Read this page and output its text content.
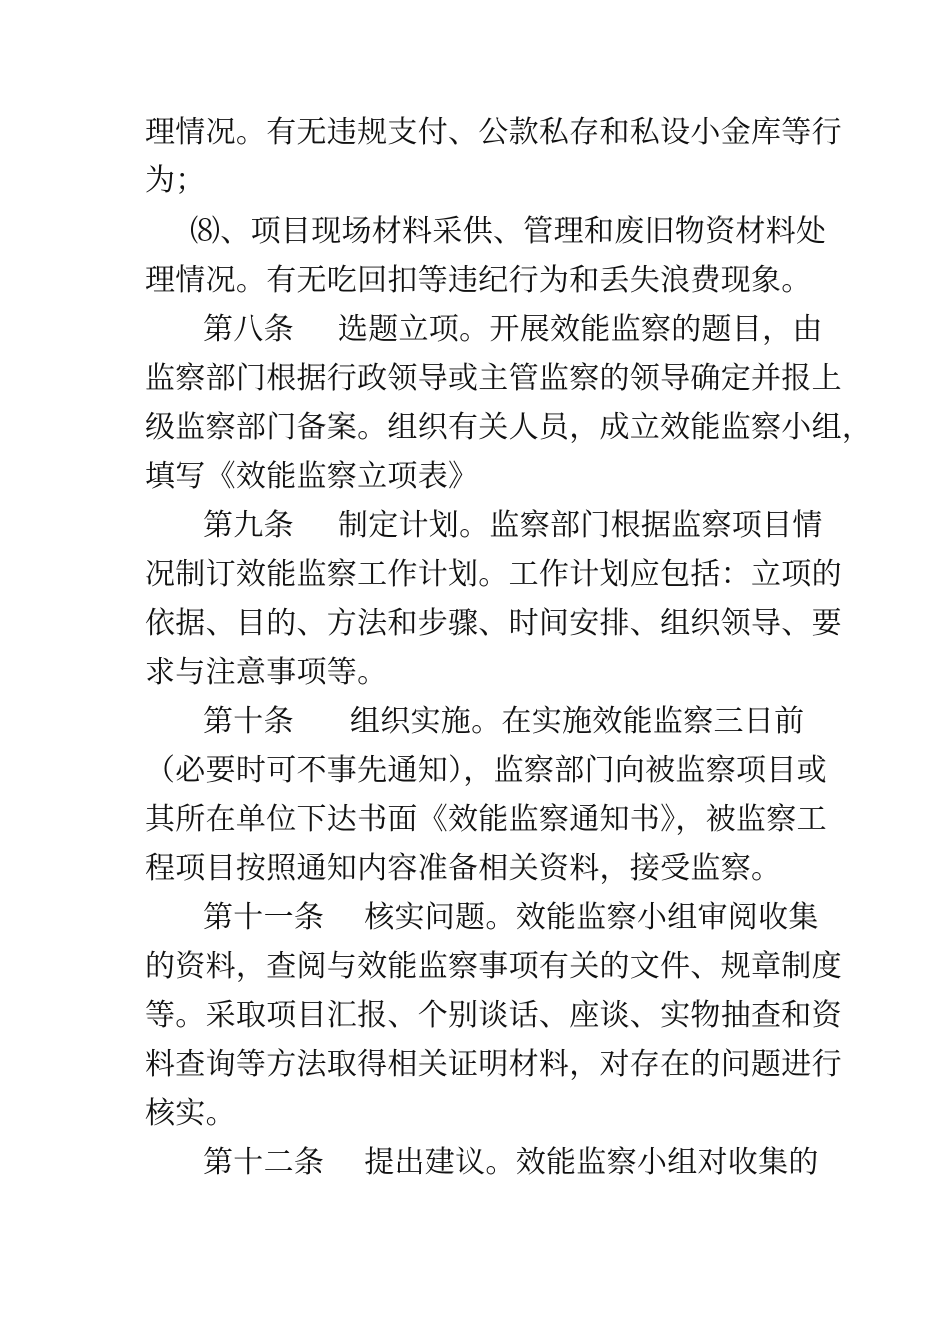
理情况。有无违规支付、公款私存和私设小金库等行
为；
⑻、项目现场材料采供、管理和废旧物资材料处
理情况。有无吃回扣等违纪行为和丢失浪费现象。
第八条 选题立项。开展效能监察的题目，由
监察部门根据行政领导或主管监察的领导确定并报上
级监察部门备案。组织有关人员，成立效能监察小组，
填写《效能监察立项表》
第九条 制定计划。监察部门根据监察项目情
况制订效能监察工作计划。工作计划应包括：立项的
依据、目的、方法和步骤、时间安排、组织领导、要
求与注意事项等。
第十条 组织实施。在实施效能监察三日前
（必要时可不事先通知），监察部门向被监察项目或
其所在单位下达书面《效能监察通知书》，被监察工
程项目按照通知内容准备相关资料，接受监察。
第十一条 核实问题。效能监察小组审阅收集
的资料，查阅与效能监察事项有关的文件、规章制度
等。采取项目汇报、个别谈话、座谈、实物抽查和资
料查询等方法取得相关证明材料，对存在的问题进行
核实。
第十二条 提出建议。效能监察小组对收集的
